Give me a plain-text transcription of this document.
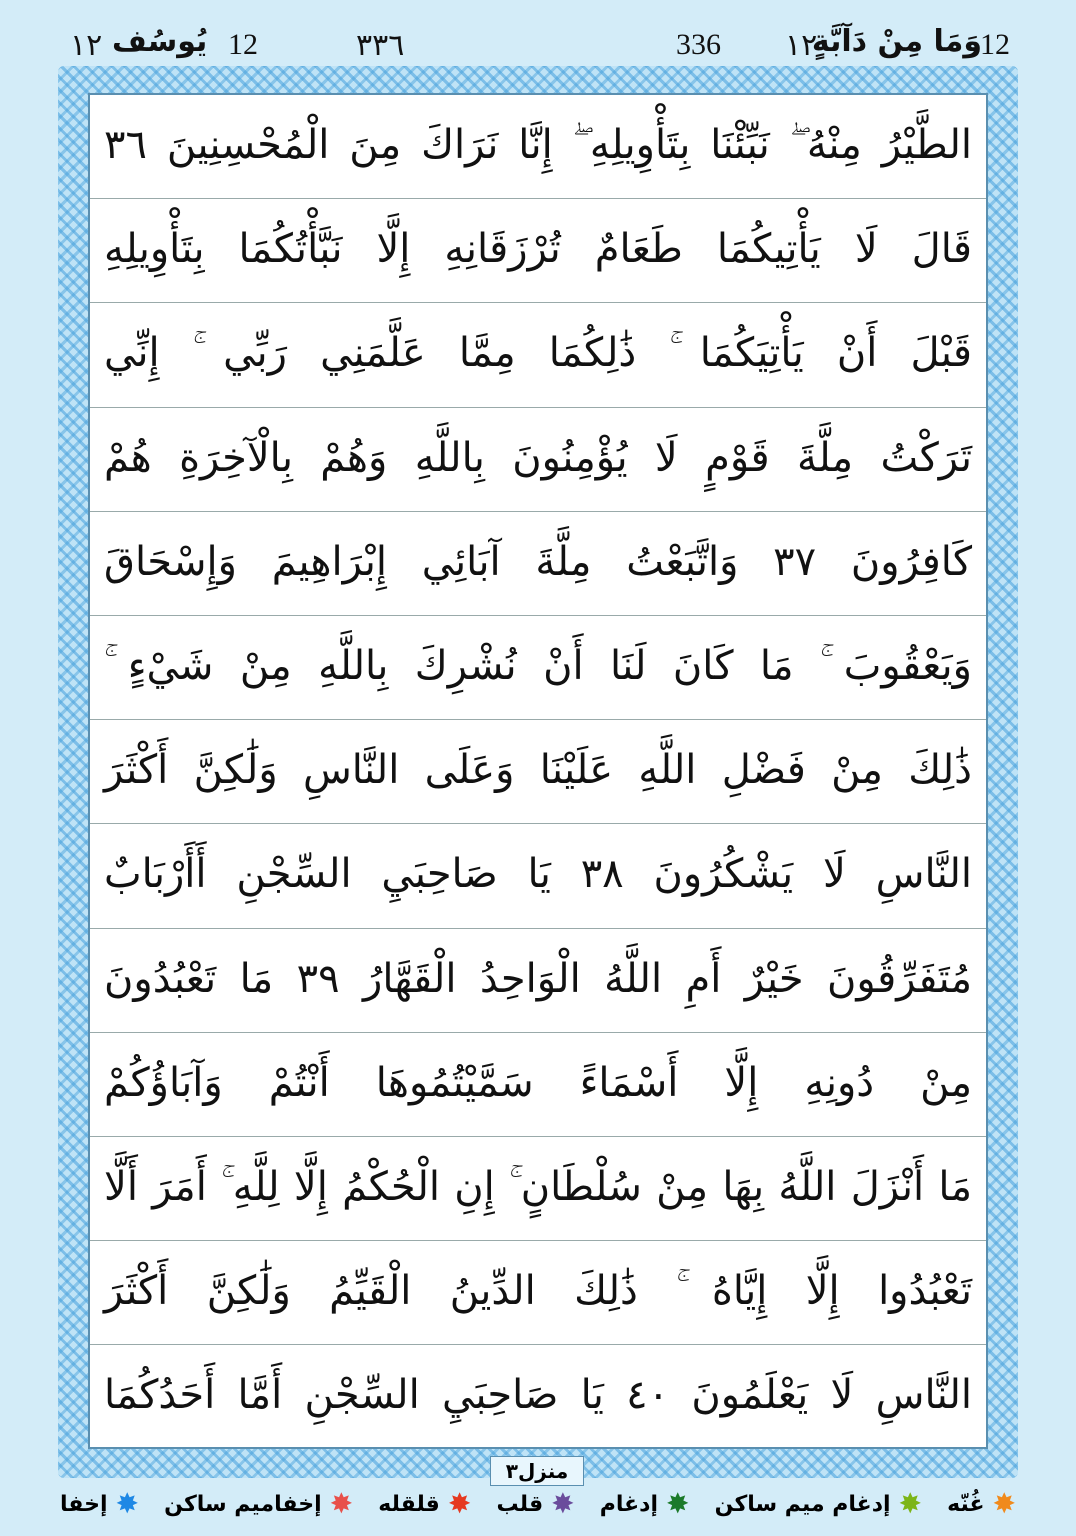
12
وَمَا مِنْ دَآبَّةٍ
١٢
336
٣٣٦
12
يُوسُف
١٢
الطَّيْرُ مِنْهُ ۖ نَبِّئْنَا بِتَأْوِيلِهِ ۖ إِنَّا نَرَاكَ مِنَ الْمُحْسِنِينَ ٣٦
قَالَ لَا يَأْتِيكُمَا طَعَامٌ تُرْزَقَانِهِ إِلَّا نَبَّأْتُكُمَا بِتَأْوِيلِهِ
قَبْلَ أَنْ يَأْتِيَكُمَا ۚ ذَٰلِكُمَا مِمَّا عَلَّمَنِي رَبِّي ۚ إِنِّي
تَرَكْتُ مِلَّةَ قَوْمٍ لَا يُؤْمِنُونَ بِاللَّهِ وَهُمْ بِالْآخِرَةِ هُمْ
كَافِرُونَ ٣٧ وَاتَّبَعْتُ مِلَّةَ آبَائِي إِبْرَاهِيمَ وَإِسْحَاقَ
وَيَعْقُوبَ ۚ مَا كَانَ لَنَا أَنْ نُشْرِكَ بِاللَّهِ مِنْ شَيْءٍ ۚ
ذَٰلِكَ مِنْ فَضْلِ اللَّهِ عَلَيْنَا وَعَلَى النَّاسِ وَلَٰكِنَّ أَكْثَرَ
النَّاسِ لَا يَشْكُرُونَ ٣٨ يَا صَاحِبَيِ السِّجْنِ أَأَرْبَابٌ
مُتَفَرِّقُونَ خَيْرٌ أَمِ اللَّهُ الْوَاحِدُ الْقَهَّارُ ٣٩ مَا تَعْبُدُونَ
مِنْ دُونِهِ إِلَّا أَسْمَاءً سَمَّيْتُمُوهَا أَنْتُمْ وَآبَاؤُكُمْ
مَا أَنْزَلَ اللَّهُ بِهَا مِنْ سُلْطَانٍ ۚ إِنِ الْحُكْمُ إِلَّا لِلَّهِ ۚ أَمَرَ أَلَّا
تَعْبُدُوا إِلَّا إِيَّاهُ ۚ ذَٰلِكَ الدِّينُ الْقَيِّمُ وَلَٰكِنَّ أَكْثَرَ
النَّاسِ لَا يَعْلَمُونَ ٤٠ يَا صَاحِبَيِ السِّجْنِ أَمَّا أَحَدُكُمَا
منزل٣
✸
إخفا	✸
إخفاميم ساكن	✸
قلقله	✸
قلب	✸
إدغام	✸
إدغام ميم ساكن	✸
غُنّه
